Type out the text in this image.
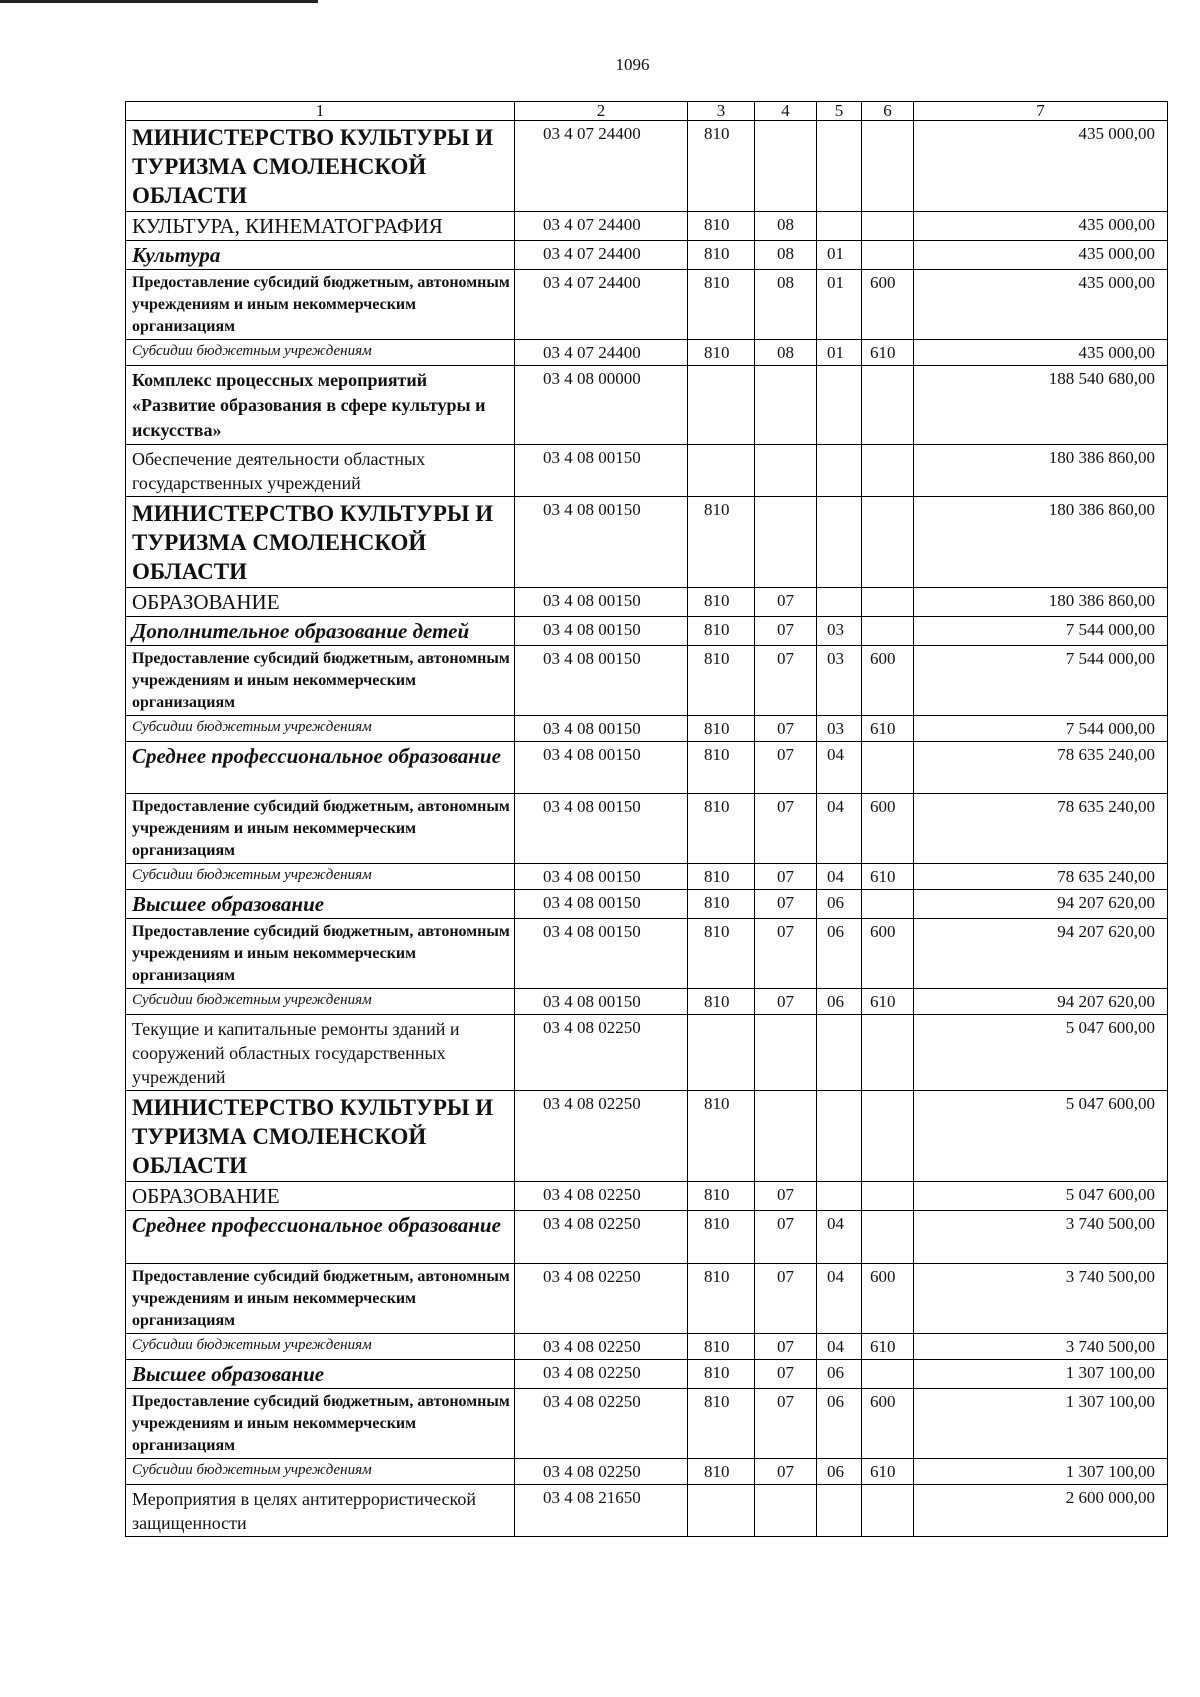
1096
1	2	3	4	5	6	7
МИНИСТЕРСТВО КУЛЬТУРЫ И ТУРИЗМА СМОЛЕНСКОЙ ОБЛАСТИ	03 4 07 24400	810				435 000,00
КУЛЬТУРА, КИНЕМАТОГРАФИЯ	03 4 07 24400	810	08			435 000,00
Культура	03 4 07 24400	810	08	01		435 000,00
Предоставление субсидий бюджетным, автономным учреждениям и иным некоммерческим организациям	03 4 07 24400	810	08	01	600	435 000,00
Субсидии бюджетным учреждениям	03 4 07 24400	810	08	01	610	435 000,00
Комплекс процессных мероприятий «Развитие образования в сфере культуры и искусства»	03 4 08 00000					188 540 680,00
Обеспечение деятельности областных государственных учреждений	03 4 08 00150					180 386 860,00
МИНИСТЕРСТВО КУЛЬТУРЫ И ТУРИЗМА СМОЛЕНСКОЙ ОБЛАСТИ	03 4 08 00150	810				180 386 860,00
ОБРАЗОВАНИЕ	03 4 08 00150	810	07			180 386 860,00
Дополнительное образование детей	03 4 08 00150	810	07	03		7 544 000,00
Предоставление субсидий бюджетным, автономным учреждениям и иным некоммерческим организациям	03 4 08 00150	810	07	03	600	7 544 000,00
Субсидии бюджетным учреждениям	03 4 08 00150	810	07	03	610	7 544 000,00
Среднее профессиональное образование	03 4 08 00150	810	07	04		78 635 240,00
Предоставление субсидий бюджетным, автономным учреждениям и иным некоммерческим организациям	03 4 08 00150	810	07	04	600	78 635 240,00
Субсидии бюджетным учреждениям	03 4 08 00150	810	07	04	610	78 635 240,00
Высшее образование	03 4 08 00150	810	07	06		94 207 620,00
Предоставление субсидий бюджетным, автономным учреждениям и иным некоммерческим организациям	03 4 08 00150	810	07	06	600	94 207 620,00
Субсидии бюджетным учреждениям	03 4 08 00150	810	07	06	610	94 207 620,00
Текущие и капитальные ремонты зданий и сооружений областных государственных учреждений	03 4 08 02250					5 047 600,00
МИНИСТЕРСТВО КУЛЬТУРЫ И ТУРИЗМА СМОЛЕНСКОЙ ОБЛАСТИ	03 4 08 02250	810				5 047 600,00
ОБРАЗОВАНИЕ	03 4 08 02250	810	07			5 047 600,00
Среднее профессиональное образование	03 4 08 02250	810	07	04		3 740 500,00
Предоставление субсидий бюджетным, автономным учреждениям и иным некоммерческим организациям	03 4 08 02250	810	07	04	600	3 740 500,00
Субсидии бюджетным учреждениям	03 4 08 02250	810	07	04	610	3 740 500,00
Высшее образование	03 4 08 02250	810	07	06		1 307 100,00
Предоставление субсидий бюджетным, автономным учреждениям и иным некоммерческим организациям	03 4 08 02250	810	07	06	600	1 307 100,00
Субсидии бюджетным учреждениям	03 4 08 02250	810	07	06	610	1 307 100,00
Мероприятия в целях антитеррористической защищенности	03 4 08 21650					2 600 000,00
